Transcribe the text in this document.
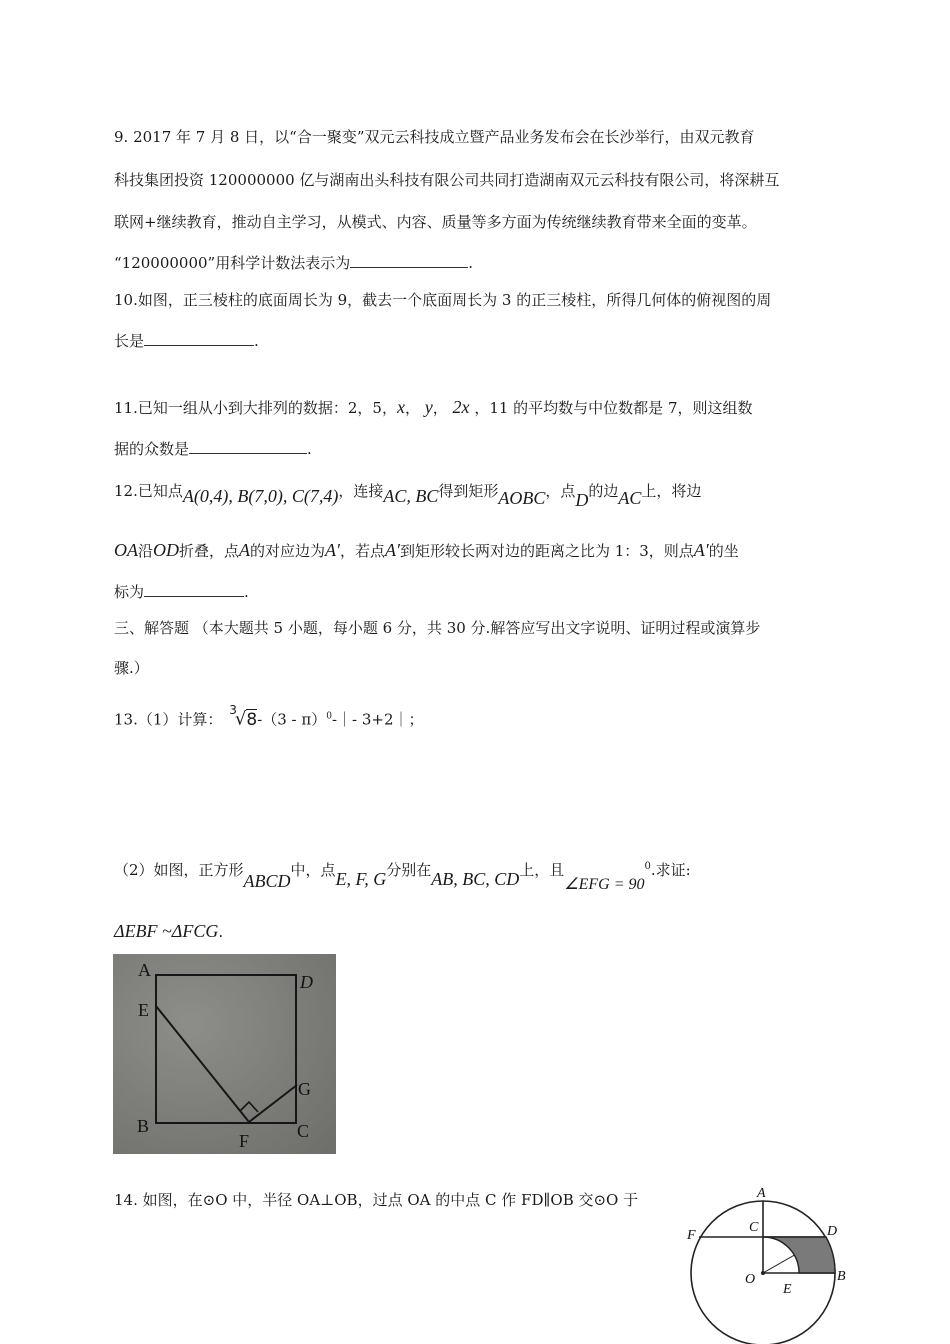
9. 2017 年 7 月 8 日，以“合一聚变”双元云科技成立暨产品业务发布会在长沙举行，由双元教育
科技集团投资 120000000 亿与湖南出头科技有限公司共同打造湖南双元云科技有限公司，将深耕互
联网+继续教育，推动自主学习，从模式、内容、质量等多方面为传统继续教育带来全面的变革。
“120000000”用科学计数法表示为	.
10.如图，正三棱柱的底面周长为 9，截去一个底面周长为 3 的正三棱柱，所得几何体的俯视图的周
长是	.
11.已知一组从小到大排列的数据：2，5，x， y， 2x ，11 的平均数与中位数都是 7，则这组数
据的众数是	.
12.已知点A(0,4), B(7,0), C(7,4)，连接AC, BC得到矩形AOBC，点D的边AC上，将边
OA沿OD折叠，点A的对应边为A′，若点A′到矩形较长两对边的距离之比为 1：3，则点A′的坐
标为	.
三、解答题 （本大题共 5 小题，每小题 6 分，共 30 分.解答应写出文字说明、证明过程或演算步
骤.）
13.（1）计算： $^3$√8-（3 - π）$^0$-｜- 3+2｜；
（2）如图，正方形ABCD中，点E, F, G分别在AB, BC, CD上，且∠EFG = $90^0$.求证:
ΔEBF ~ΔFCG.
A
D
E
G
B
F	C
14. 如图，在⊙O 中，半径 OA⊥OB，过点 OA 的中点 C 作 FD∥OB 交⊙O 于	A
C
F	D
O
E
B
